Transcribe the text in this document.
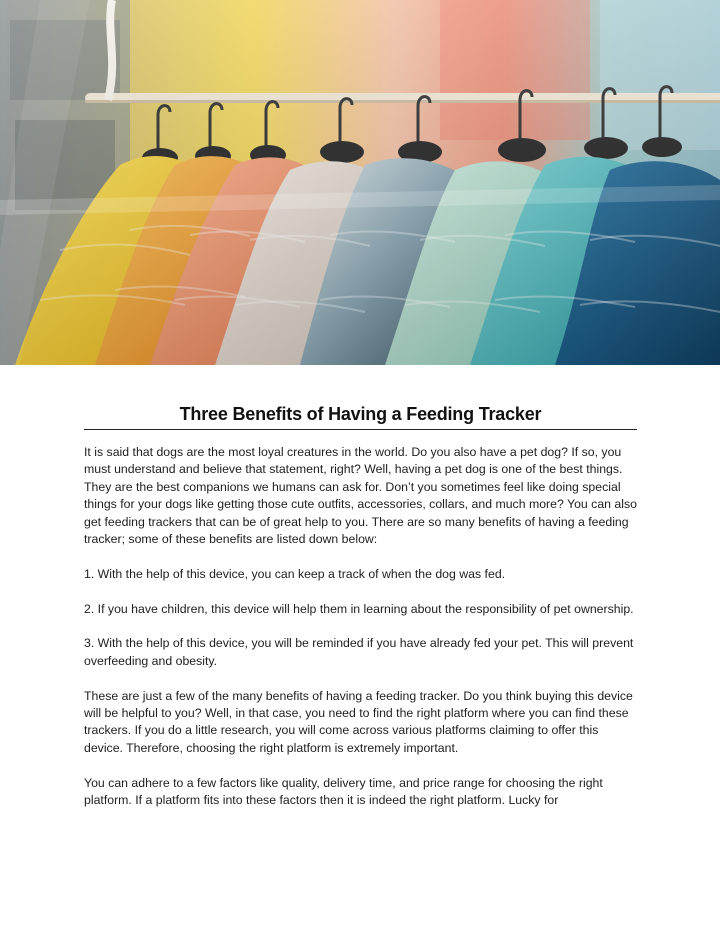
Three Benefits of Having a Feeding Tracker

It is said that dogs are the most loyal creatures in the world. Do you also have a pet dog? If so, you must understand and believe that statement, right? Well, having a pet dog is one of the best things. They are the best companions we humans can ask for. Don’t you sometimes feel like doing special things for your dogs like getting those cute outfits, accessories, collars, and much more? You can also get feeding trackers that can be of great help to you. There are so many benefits of having a feeding tracker; some of these benefits are listed down below:

1. With the help of this device, you can keep a track of when the dog was fed.

2. If you have children, this device will help them in learning about the responsibility of pet ownership.

3. With the help of this device, you will be reminded if you have already fed your pet. This will prevent overfeeding and obesity.

These are just a few of the many benefits of having a feeding tracker. Do you think buying this device will be helpful to you? Well, in that case, you need to find the right platform where you can find these trackers. If you do a little research, you will come across various platforms claiming to offer this device. Therefore, choosing the right platform is extremely important.

You can adhere to a few factors like quality, delivery time, and price range for choosing the right platform. If a platform fits into these factors then it is indeed the right platform. Lucky for
